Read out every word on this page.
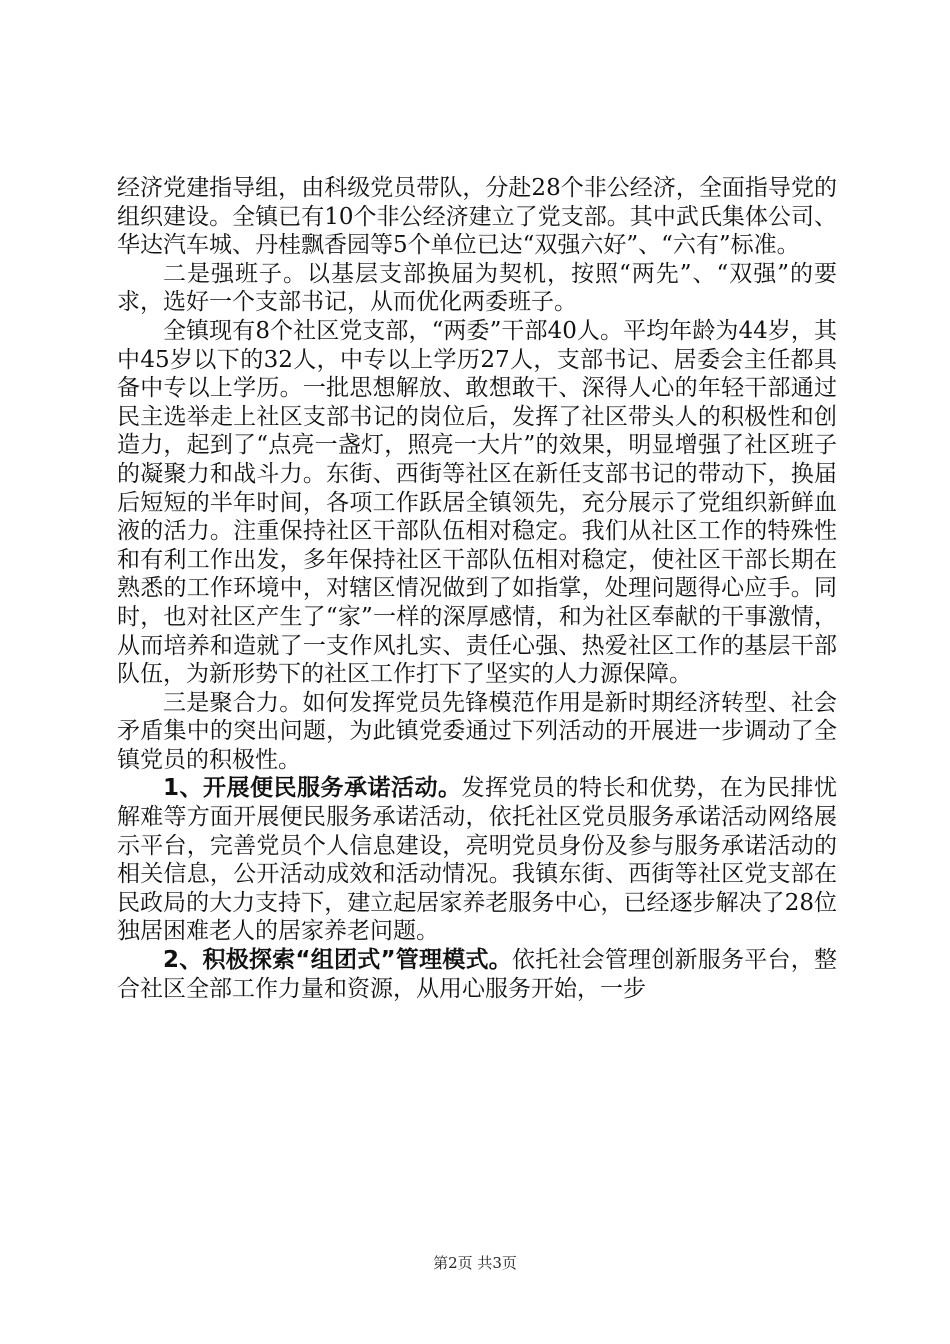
经济党建指导组，由科级党员带队，分赴28个非公经济，全面指导党的组织建设。全镇已有10个非公经济建立了党支部。其中武氏集体公司、华达汽车城、丹桂飘香园等5个单位已达“双强六好”、“六有”标准。

二是强班子。以基层支部换届为契机，按照“两先”、“双强”的要求，选好一个支部书记，从而优化两委班子。

全镇现有8个社区党支部，“两委”干部40人。平均年龄为44岁，其中45岁以下的32人，中专以上学历27人，支部书记、居委会主任都具备中专以上学历。一批思想解放、敢想敢干、深得人心的年轻干部通过民主选举走上社区支部书记的岗位后，发挥了社区带头人的积极性和创造力，起到了“点亮一盏灯，照亮一大片”的效果，明显增强了社区班子的凝聚力和战斗力。东街、西街等社区在新任支部书记的带动下，换届后短短的半年时间，各项工作跃居全镇领先，充分展示了党组织新鲜血液的活力。注重保持社区干部队伍相对稳定。我们从社区工作的特殊性和有利工作出发，多年保持社区干部队伍相对稳定，使社区干部长期在熟悉的工作环境中，对辖区情况做到了如指掌，处理问题得心应手。同时，也对社区产生了“家”一样的深厚感情，和为社区奉献的干事激情，从而培养和造就了一支作风扎实、责任心强、热爱社区工作的基层干部队伍，为新形势下的社区工作打下了坚实的人力源保障。

三是聚合力。如何发挥党员先锋模范作用是新时期经济转型、社会矛盾集中的突出问题，为此镇党委通过下列活动的开展进一步调动了全镇党员的积极性。

1、开展便民服务承诺活动。发挥党员的特长和优势，在为民排忧解难等方面开展便民服务承诺活动，依托社区党员服务承诺活动网络展示平台，完善党员个人信息建设，亮明党员身份及参与服务承诺活动的相关信息，公开活动成效和活动情况。我镇东街、西街等社区党支部在民政局的大力支持下，建立起居家养老服务中心，已经逐步解决了28位独居困难老人的居家养老问题。

2、积极探索“组团式”管理模式。依托社会管理创新服务平台，整合社区全部工作力量和资源，从用心服务开始，一步

第2页 共3页
